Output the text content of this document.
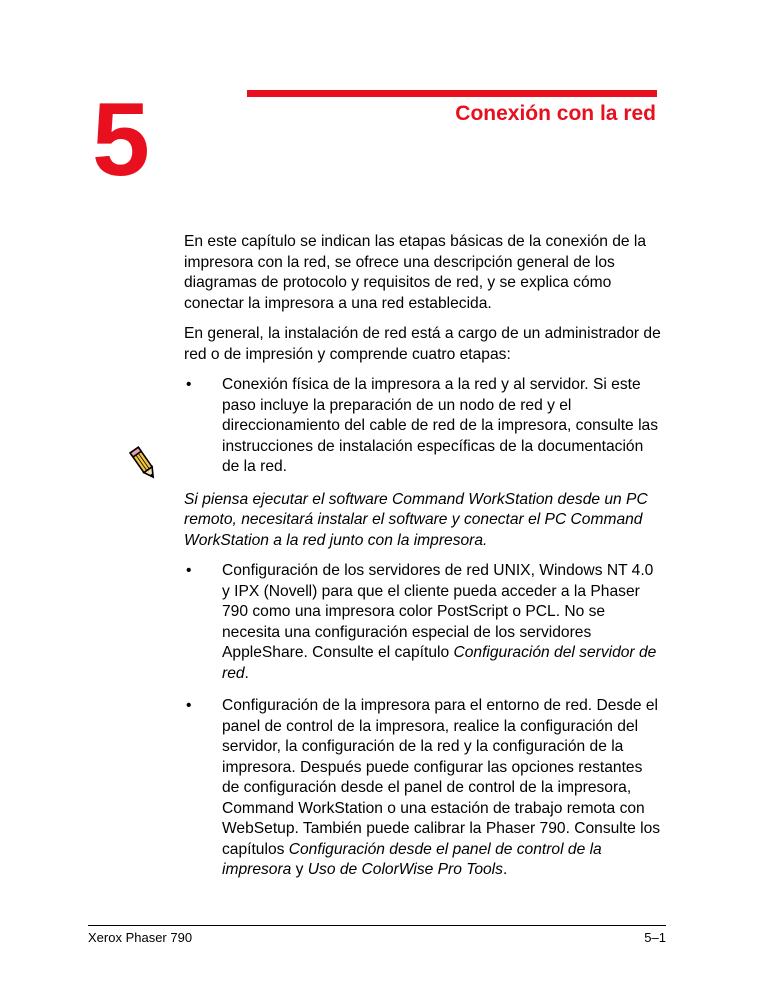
5	Conexión con la red

En este capítulo se indican las etapas básicas de la conexión de la impresora con la red, se ofrece una descripción general de los diagramas de protocolo y requisitos de red, y se explica cómo conectar la impresora a una red establecida.

En general, la instalación de red está a cargo de un administrador de red o de impresión y comprende cuatro etapas:

• Conexión física de la impresora a la red y al servidor. Si este paso incluye la preparación de un nodo de red y el direccionamiento del cable de red de la impresora, consulte las instrucciones de instalación específicas de la documentación de la red.

Si piensa ejecutar el software Command WorkStation desde un PC remoto, necesitará instalar el software y conectar el PC Command WorkStation a la red junto con la impresora.

• Configuración de los servidores de red UNIX, Windows NT 4.0 y IPX (Novell) para que el cliente pueda acceder a la Phaser 790 como una impresora color PostScript o PCL. No se necesita una configuración especial de los servidores AppleShare. Consulte el capítulo Configuración del servidor de red.
• Configuración de la impresora para el entorno de red. Desde el panel de control de la impresora, realice la configuración del servidor, la configuración de la red y la configuración de la impresora. Después puede configurar las opciones restantes de configuración desde el panel de control de la impresora, Command WorkStation o una estación de trabajo remota con WebSetup. También puede calibrar la Phaser 790. Consulte los capítulos Configuración desde el panel de control de la impresora y Uso de ColorWise Pro Tools.
Xerox Phaser 790	5–1
